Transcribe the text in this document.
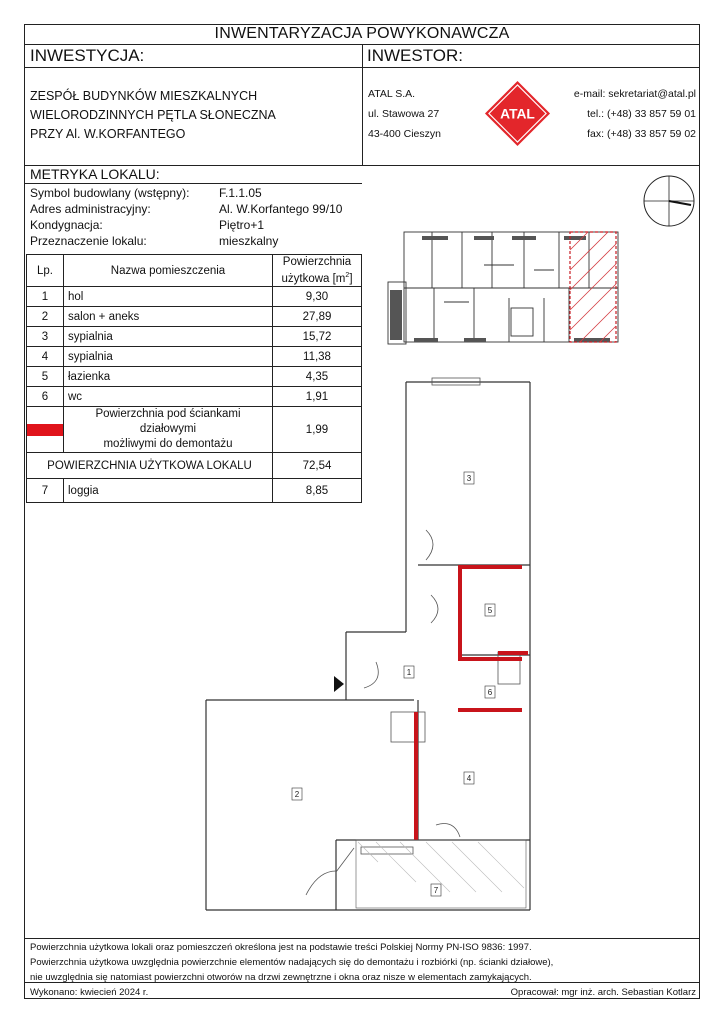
INWENTARYZACJA POWYKONAWCZA
INWESTYCJA:	INWESTOR:
ZESPÓŁ BUDYNKÓW MIESZKALNYCH
WIELORODZINNYCH PĘTLA SŁONECZNA
PRZY Al. W.KORFANTEGO
ATAL S.A.
ul. Stawowa 27
43-400 Cieszyn
e-mail: sekretariat@atal.pl
tel.: (+48) 33 857 59 01
fax: (+48) 33 857 59 02
ATAL
METRYKA LOKALU:
Symbol budowlany (wstępny): F.1.1.05
Adres administracyjny:	Al. W.Korfantego 99/10
Kondygnacja:	Piętro+1
Przeznaczenie lokalu:	mieszkalny
Lp.	Nazwa pomieszczenia	Powierzchnia
użytkowa $[m^2]$
1	hol	9,30
2	salon + aneks	27,89
3	sypialnia	15,72
4	sypialnia	11,38
5	łazienka	4,35
6	wc	1,91

	Powierzchnia pod ściankami działowymi
możliwymi do demontażu	1,99
POWIERZCHNIA UŻYTKOWA LOKALU		72,54
7	loggia	8,85
1
2
3
4
5
6
7
Powierzchnia użytkowa lokali oraz pomieszczeń określona jest na podstawie treści Polskiej Normy PN-ISO 9836: 1997.
Powierzchnia użytkowa uwzględnia powierzchnie elementów nadających się do demontażu i rozbiórki (np. ścianki działowe),
nie uwzględnia się natomiast powierzchni otworów na drzwi zewnętrzne i okna oraz nisze w elementach zamykających.
Wykonano: kwiecień 2024 r.	Opracował: mgr inż. arch. Sebastian Kotlarz
